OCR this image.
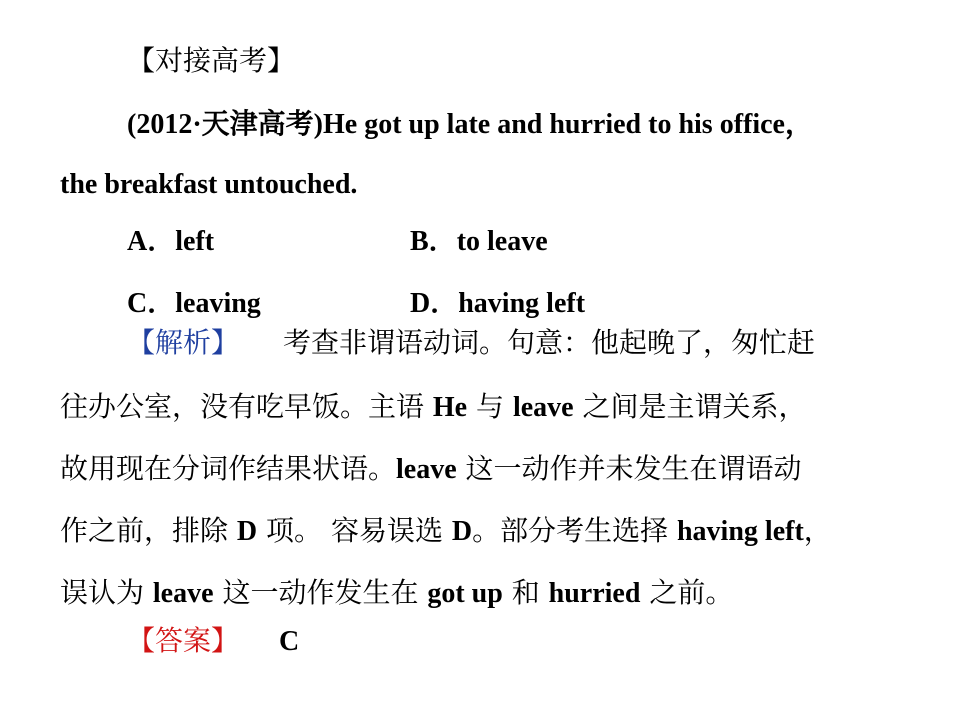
【对接高考】
(2012·天津高考)He got up late and hurried to his office，
the breakfast untouched.
A．left	B．to leave
C．leaving	D．having left
【解析】 考查非谓语动词。句意：他起晚了，匆忙赶
往办公室，没有吃早饭。主语 He 与 leave 之间是主谓关系，
故用现在分词作结果状语。leave 这一动作并未发生在谓语动
作之前，排除 D 项。 容易误选 D。部分考生选择 having left，
误认为 leave 这一动作发生在 got up 和 hurried 之前。
【答案】 C
